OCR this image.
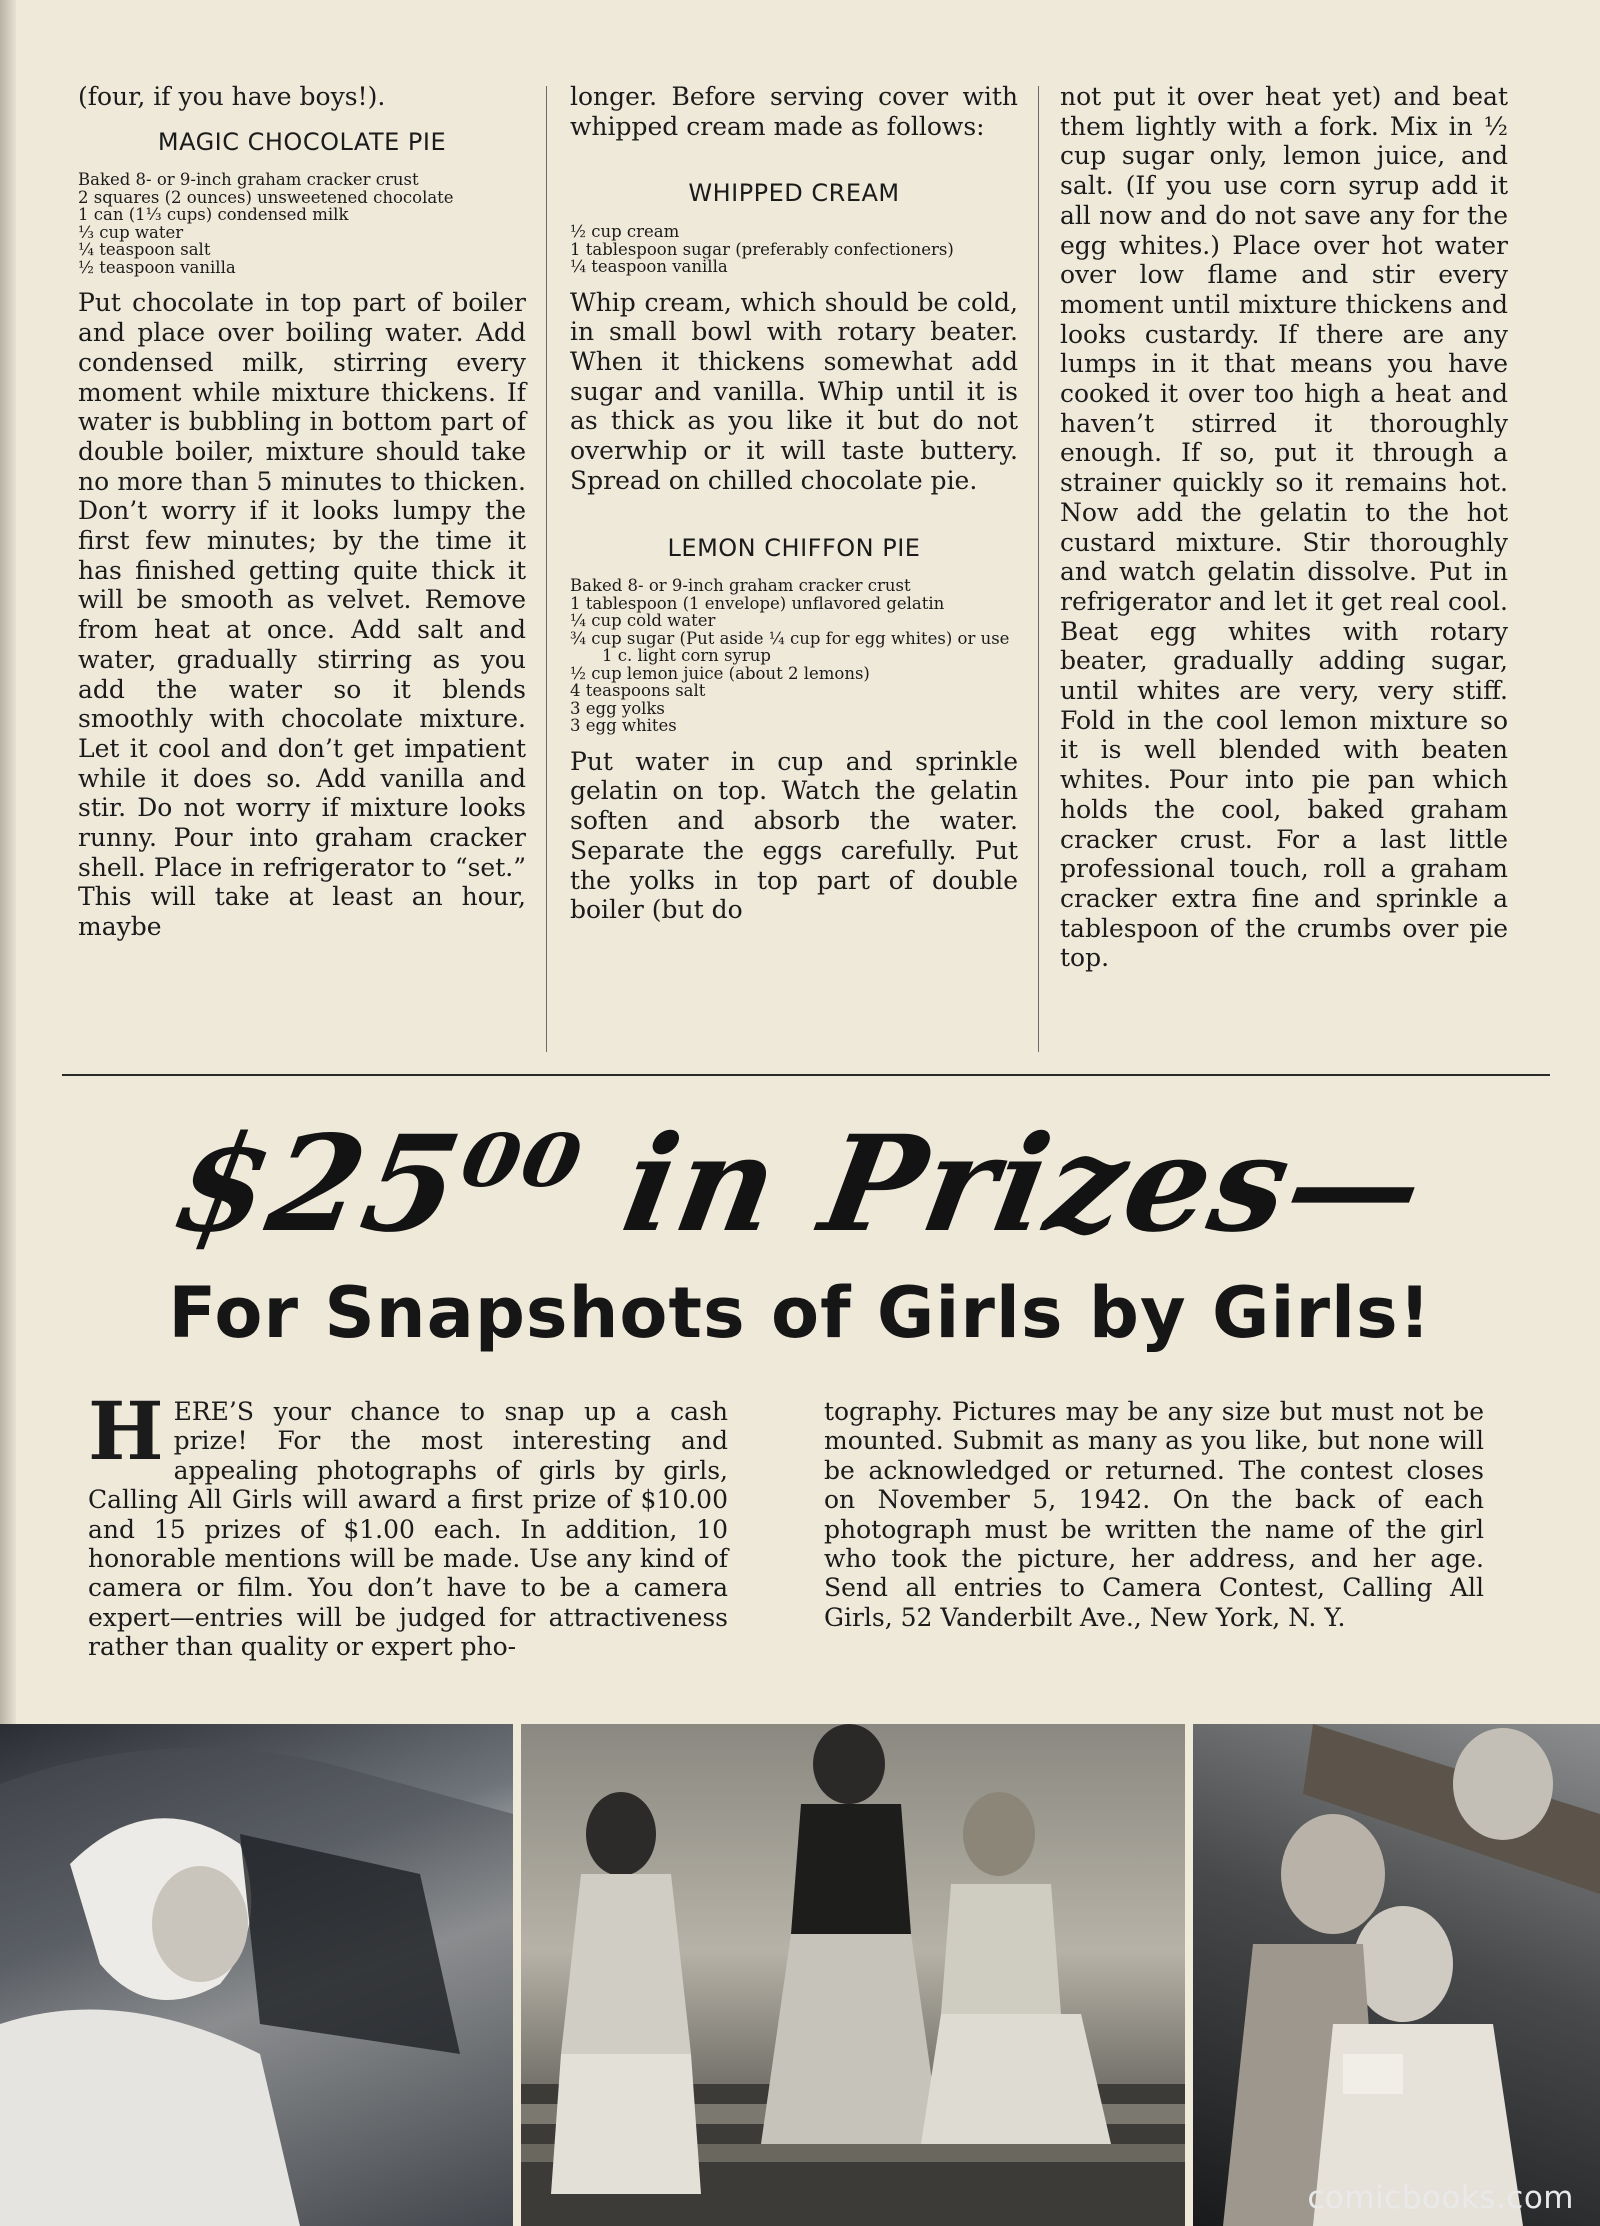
(four, if you have boys!).

MAGIC CHOCOLATE PIE
Baked 8- or 9-inch graham cracker crust
2 squares (2 ounces) unsweetened chocolate
1 can (1⅓ cups) condensed milk
⅓ cup water
¼ teaspoon salt
½ teaspoon vanilla

Put chocolate in top part of boiler and place over boiling water. Add condensed milk, stirring every moment while mixture thickens. If water is bubbling in bottom part of double boiler, mixture should take no more than 5 minutes to thicken. Don’t worry if it looks lumpy the first few minutes; by the time it has finished getting quite thick it will be smooth as velvet. Remove from heat at once. Add salt and water, gradually stirring as you add the water so it blends smoothly with chocolate mixture. Let it cool and don’t get impatient while it does so. Add vanilla and stir. Do not worry if mixture looks runny. Pour into graham cracker shell. Place in refrigerator to “set.” This will take at least an hour, maybe

longer. Before serving cover with whipped cream made as follows:

WHIPPED CREAM
½ cup cream
1 tablespoon sugar (preferably confectioners)
¼ teaspoon vanilla

Whip cream, which should be cold, in small bowl with rotary beater. When it thickens somewhat add sugar and vanilla. Whip until it is as thick as you like it but do not overwhip or it will taste buttery. Spread on chilled chocolate pie.

LEMON CHIFFON PIE
Baked 8- or 9-inch graham cracker crust
1 tablespoon (1 envelope) unflavored gelatin
¼ cup cold water
¾ cup sugar (Put aside ¼ cup for egg whites) or use 1 c. light corn syrup
½ cup lemon juice (about 2 lemons)
4 teaspoons salt
3 egg yolks
3 egg whites

Put water in cup and sprinkle gelatin on top. Watch the gelatin soften and absorb the water. Separate the eggs carefully. Put the yolks in top part of double boiler (but do

not put it over heat yet) and beat them lightly with a fork. Mix in ½ cup sugar only, lemon juice, and salt. (If you use corn syrup add it all now and do not save any for the egg whites.) Place over hot water over low flame and stir every moment until mixture thickens and looks custardy. If there are any lumps in it that means you have cooked it over too high a heat and haven’t stirred it thoroughly enough. If so, put it through a strainer quickly so it remains hot. Now add the gelatin to the hot custard mixture. Stir thoroughly and watch gelatin dissolve. Put in refrigerator and let it get real cool. Beat egg whites with rotary beater, gradually adding sugar, until whites are very, very stiff. Fold in the cool lemon mixture so it is well blended with beaten whites. Pour into pie pan which holds the cool, baked graham cracker crust. For a last little professional touch, roll a graham cracker extra fine and sprinkle a tablespoon of the crumbs over pie top.

$25⁰⁰ in Prizes—
For Snapshots of Girls by Girls!

HERE’S your chance to snap up a cash prize! For the most interesting and appealing photographs of girls by girls, Calling All Girls will award a first prize of $10.00 and 15 prizes of $1.00 each. In addition, 10 honorable mentions will be made. Use any kind of camera or film. You don’t have to be a camera expert—entries will be judged for attractiveness rather than quality or expert pho-

tography. Pictures may be any size but must not be mounted. Submit as many as you like, but none will be acknowledged or returned. The contest closes on November 5, 1942. On the back of each photograph must be written the name of the girl who took the picture, her address, and her age. Send all entries to Camera Contest, Calling All Girls, 52 Vanderbilt Ave., New York, N. Y.

comicbooks.com
